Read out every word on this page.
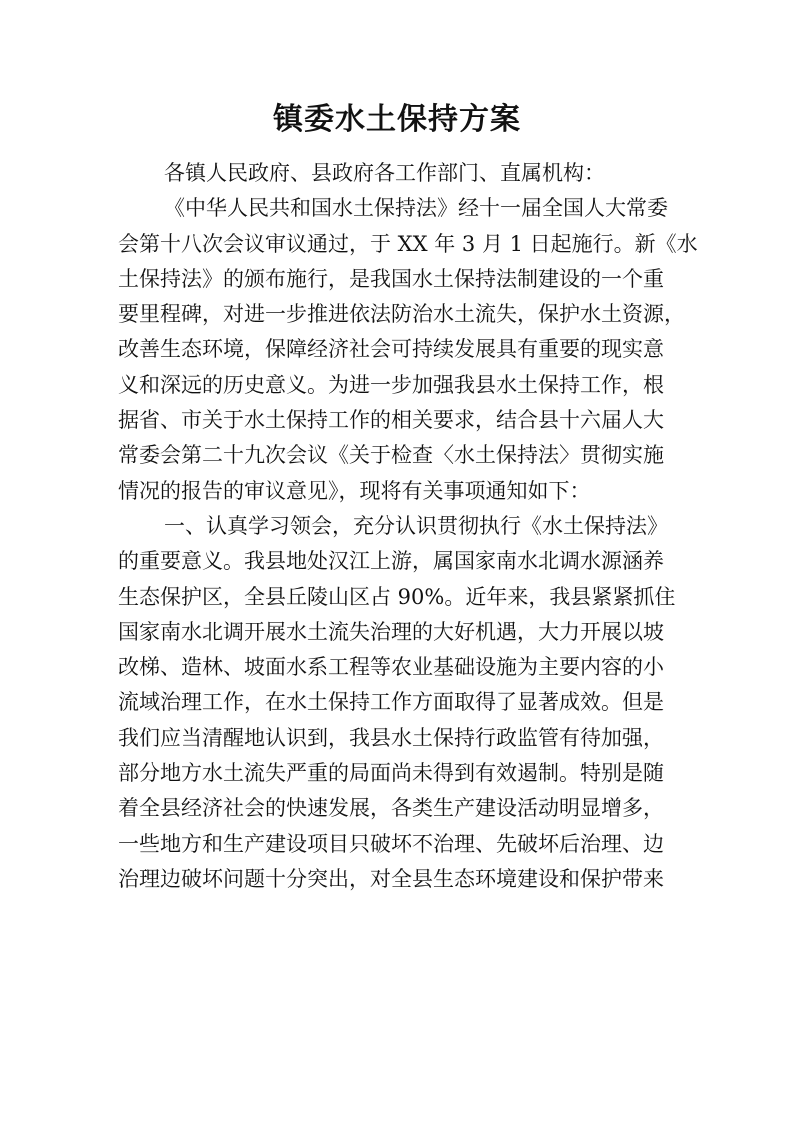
镇委水土保持方案
各镇人民政府、县政府各工作部门、直属机构：
《中华人民共和国水土保持法》经十一届全国人大常委
会第十八次会议审议通过，于 XX 年 3 月 1 日起施行。新《水
土保持法》的颁布施行，是我国水土保持法制建设的一个重
要里程碑，对进一步推进依法防治水土流失，保护水土资源，
改善生态环境，保障经济社会可持续发展具有重要的现实意
义和深远的历史意义。为进一步加强我县水土保持工作，根
据省、市关于水土保持工作的相关要求，结合县十六届人大
常委会第二十九次会议《关于检查〈水土保持法〉贯彻实施
情况的报告的审议意见》，现将有关事项通知如下：
一、认真学习领会，充分认识贯彻执行《水土保持法》
的重要意义。我县地处汉江上游，属国家南水北调水源涵养
生态保护区，全县丘陵山区占 90%。近年来，我县紧紧抓住
国家南水北调开展水土流失治理的大好机遇，大力开展以坡
改梯、造林、坡面水系工程等农业基础设施为主要内容的小
流域治理工作，在水土保持工作方面取得了显著成效。但是
我们应当清醒地认识到，我县水土保持行政监管有待加强，
部分地方水土流失严重的局面尚未得到有效遏制。特别是随
着全县经济社会的快速发展，各类生产建设活动明显增多，
一些地方和生产建设项目只破坏不治理、先破坏后治理、边
治理边破坏问题十分突出，对全县生态环境建设和保护带来
